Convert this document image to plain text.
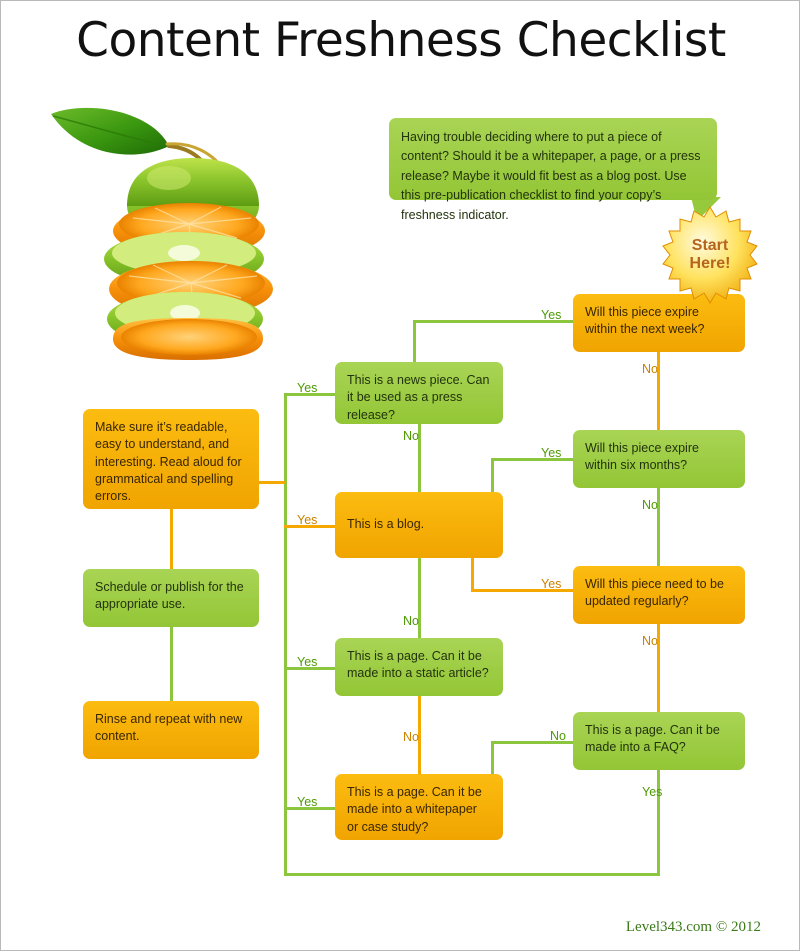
Content Freshness Checklist
Having trouble deciding where to put a piece of content? Should it be a whitepaper, a page, or a press release? Maybe it would fit best as a blog post. Use this pre-publication checklist to find your copy’s freshness indicator.
Start
Here!
Will this piece expire within the next week?
Will this piece expire within six months?
Will this piece need to be updated regularly?
This is a page. Can it be made into a FAQ?
This is a news piece. Can it be used as a press release?
This is a blog.
This is a page. Can it be made into a static article?
This is a page. Can it be made into a whitepaper or case study?
Make sure it’s readable, easy to understand, and interesting. Read aloud for grammatical and spelling errors.
Schedule or publish for the appropriate use.
Rinse and repeat with new content.
No
No
No
Yes
Yes
Yes
No
Yes
No
No
No
Yes
Yes
Yes
Yes
Level343.com © 2012
